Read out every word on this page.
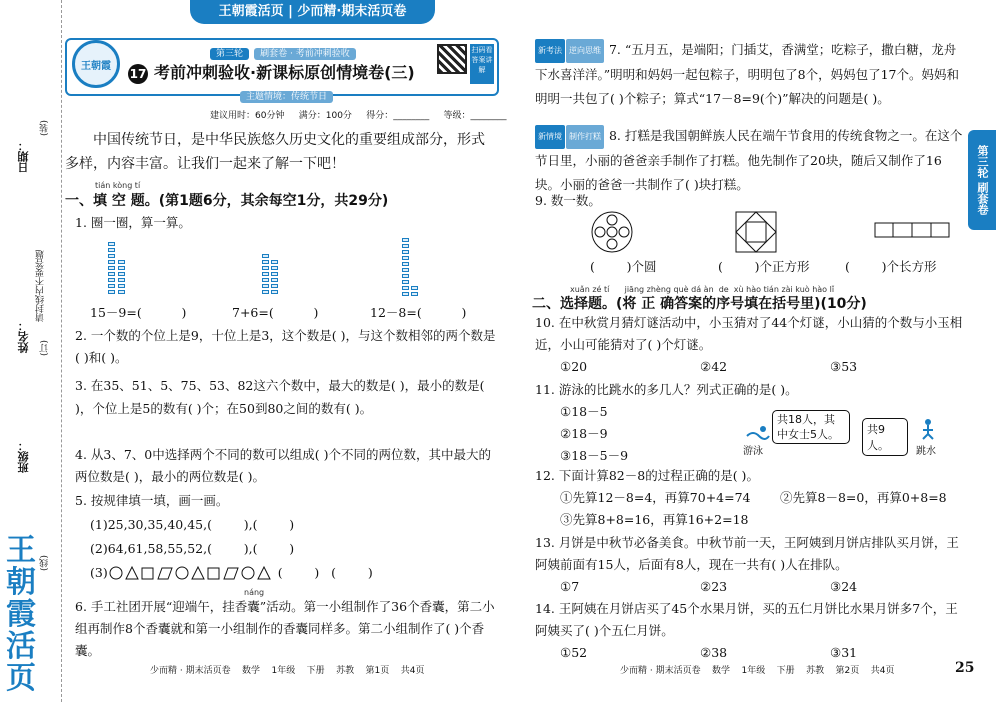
王朝霞活页 | 少而精·期末活页卷
日期：
姓名：
班级：
请封线内不要答题
(装)
(订)
(线)
王朝霞活页
王朝霞
第三轮 刷套卷 · 考前冲刺验收
17 考前冲刺验收·新课标原创情境卷(三)
主题情境：传统节日
扫码看答案讲解
建议用时：60分钟     满分：100分     得分：________     等级：________
中国传统节日，是中华民族悠久历史文化的重要组成部分，形式多样，内容丰富。让我们一起来了解一下吧！
tián kòng tí
一、填 空 题。(第1题6分，其余每空1分，共29分)
1. 圈一圈，算一算。
15－9=(          )	7+6=(          )	12－8=(          )
2. 一个数的个位上是9，十位上是3，这个数是( )，与这个数相邻的两个数是( )和( )。
3. 在35、51、5、75、53、82这六个数中，最大的数是( )，最小的数是( )，个位上是5的数有( )个；在50到80之间的数有( )。
4. 从3、7、0中选择两个不同的数可以组成( )个不同的两位数，其中最大的两位数是( )，最小的两位数是( )。
5. 按规律填一填，画一画。
(1)25,30,35,40,45,(        ),(        )
(2)64,61,58,55,52,(        ),(        )
(3)	(        )   (        )
náng
6. 手工社团开展“迎端午，挂香囊”活动。第一小组制作了36个香囊，第二小组再制作8个香囊就和第一小组制作的香囊同样多。第二小组制作了( )个香囊。
少而精 · 期末活页卷    数学    1年级    下册    苏教    第1页    共4页
新考法 逆向思维 7. “五月五，是端阳；门插艾，香满堂；吃粽子，撒白糖，龙舟下水喜洋洋。”明明和妈妈一起包粽子，明明包了8个，妈妈包了17个。妈妈和明明一共包了( )个粽子；算式“17－8=9(个)”解决的问题是( )。
新情境 制作打糕 8. 打糕是我国朝鲜族人民在端午节食用的传统食物之一。在这个节日里，小丽的爸爸亲手制作了打糕。他先制作了20块，随后又制作了16块。小丽的爸爸一共制作了( )块打糕。
9. 数一数。
(        )个圆	(        )个正方形	(        )个长方形
xuǎn zé tí      jiāng zhèng què dá àn  de  xù hào tián zài kuò hào lǐ
二、选择题。(将 正 确答案的序号填在括号里)(10分)
10. 在中秋赏月猜灯谜活动中，小玉猜对了44个灯谜，小山猜的个数与小玉相近，小山可能猜对了( )个灯谜。
①20	②42	③53
11. 游泳的比跳水的多几人？列式正确的是( )。
①18－5
②18－9
③18－5－9
共18人，其中女士5人。	共9人。
游泳	跳水
12. 下面计算82－8的过程正确的是( )。
①先算12－8=4，再算70+4=74 ②先算8－8=0，再算0+8=8
③先算8+8=16，再算16+2=18
13. 月饼是中秋节必备美食。中秋节前一天，王阿姨到月饼店排队买月饼，王阿姨前面有15人，后面有8人，现在一共有( )人在排队。
①7	②23	③24
14. 王阿姨在月饼店买了45个水果月饼，买的五仁月饼比水果月饼多7个，王阿姨买了( )个五仁月饼。
①52	②38	③31
少而精 · 期末活页卷    数学    1年级    下册    苏教    第2页    共4页	25
第三轮 刷套卷
